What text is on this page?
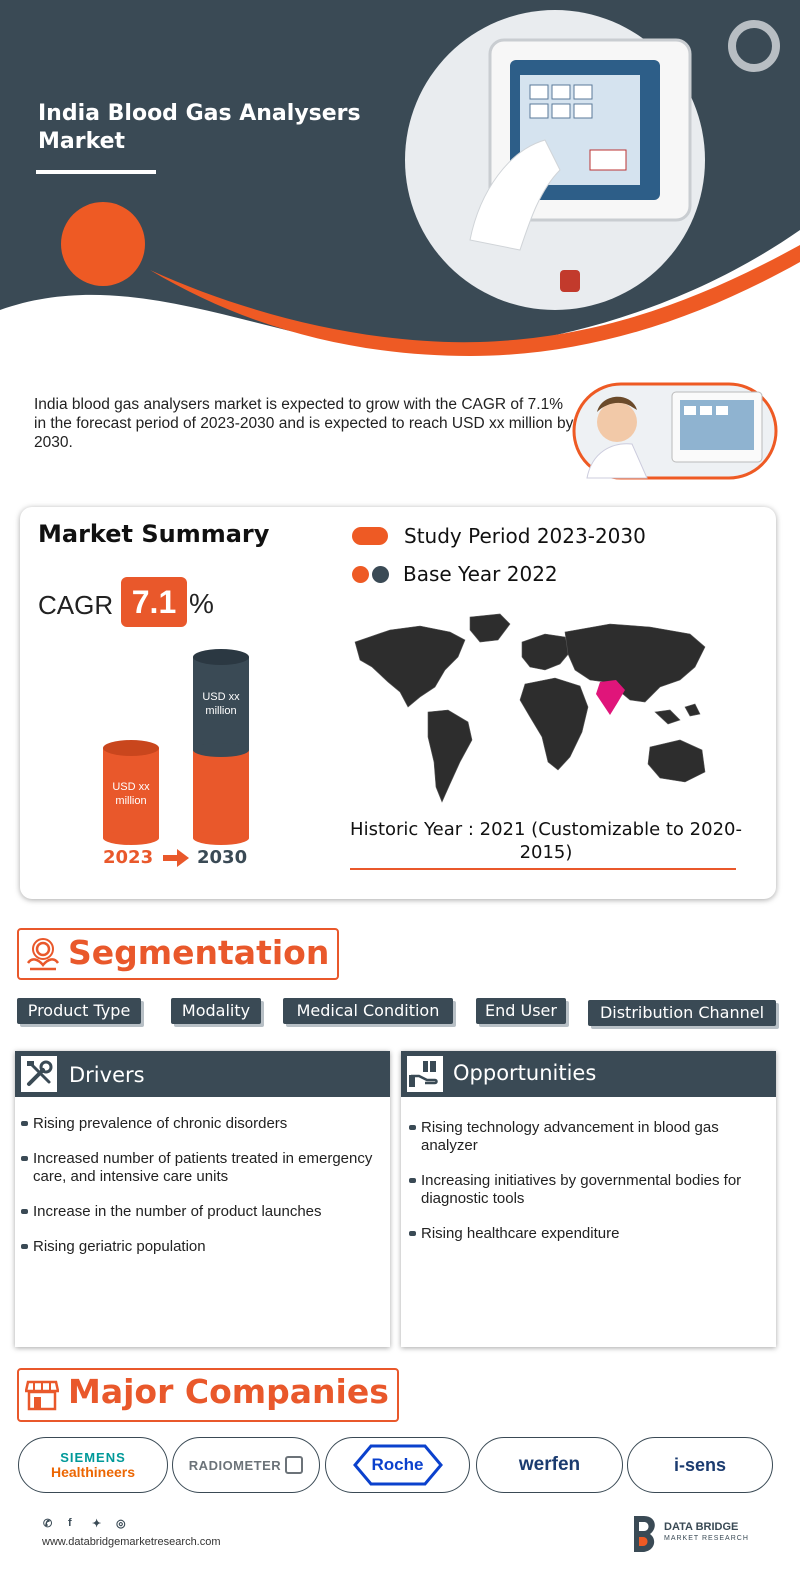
India Blood Gas Analysers Market
India blood gas analysers market is expected to grow with the CAGR of 7.1% in the forecast period of 2023-2030 and is expected to reach USD xx million by 2030.
Market Summary
CAGR 7.1 %
USD xx million
USD xx million
2023 2030
Study Period 2023-2030
Base Year 2022
Historic Year : 2021 (Customizable to 2020-2015)
Segmentation
Product Type	Modality	Medical Condition	End User	Distribution Channel
Drivers
Rising prevalence of chronic disorders
Increased number of patients treated in emergency care, and intensive care units
Increase in the number of product launches
Rising geriatric population
Opportunities
Rising technology advancement in blood gas analyzer
Increasing initiatives by governmental bodies for diagnostic tools
Rising healthcare expenditure
Major Companies
SIEMENS
Healthineers	RADIOMETER	Roche	werfen	i-sens
✆ f ✦ ◎
www.databridgemarketresearch.com
DATA BRIDGE
MARKET RESEARCH
